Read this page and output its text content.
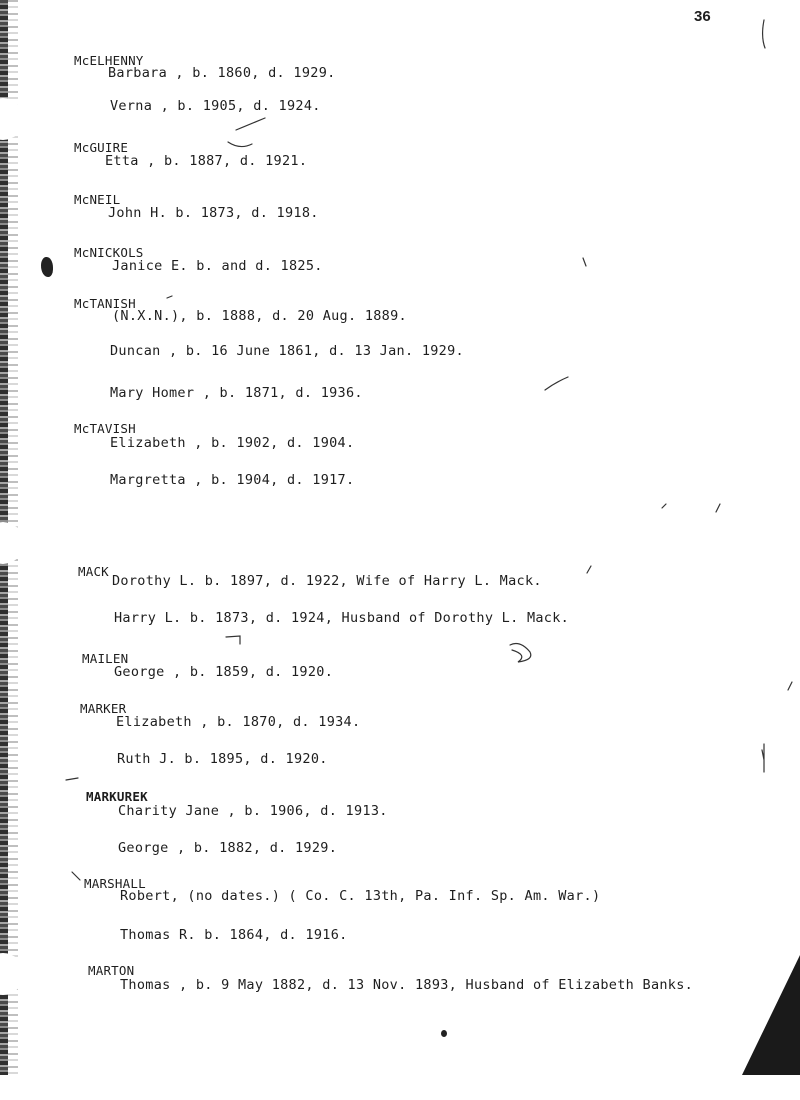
36
McELHENNY
Barbara , b. 1860, d. 1929.
Verna , b. 1905, d. 1924.
McGUIRE
Etta , b. 1887, d. 1921.
McNEIL
John H. b. 1873, d. 1918.
McNICKOLS
Janice E. b. and d. 1825.
McTANISH
(N.X.N.), b. 1888, d. 20 Aug. 1889.
Duncan , b. 16 June 1861, d. 13 Jan. 1929.
Mary Homer , b. 1871, d. 1936.
McTAVISH
Elizabeth , b. 1902, d. 1904.
Margretta , b. 1904, d. 1917.
MACK
Dorothy L. b. 1897, d. 1922, Wife of Harry L. Mack.
Harry L. b. 1873, d. 1924, Husband of Dorothy L. Mack.
MAILEN
George , b. 1859, d. 1920.
MARKER
Elizabeth , b. 1870, d. 1934.
Ruth J. b. 1895, d. 1920.
MARKUREK
Charity Jane , b. 1906, d. 1913.
George , b. 1882, d. 1929.
MARSHALL
Robert, (no dates.) ( Co. C. 13th, Pa. Inf. Sp. Am. War.)
Thomas R. b. 1864, d. 1916.
MARTON
Thomas , b. 9 May 1882, d. 13 Nov. 1893, Husband of Elizabeth Banks.
